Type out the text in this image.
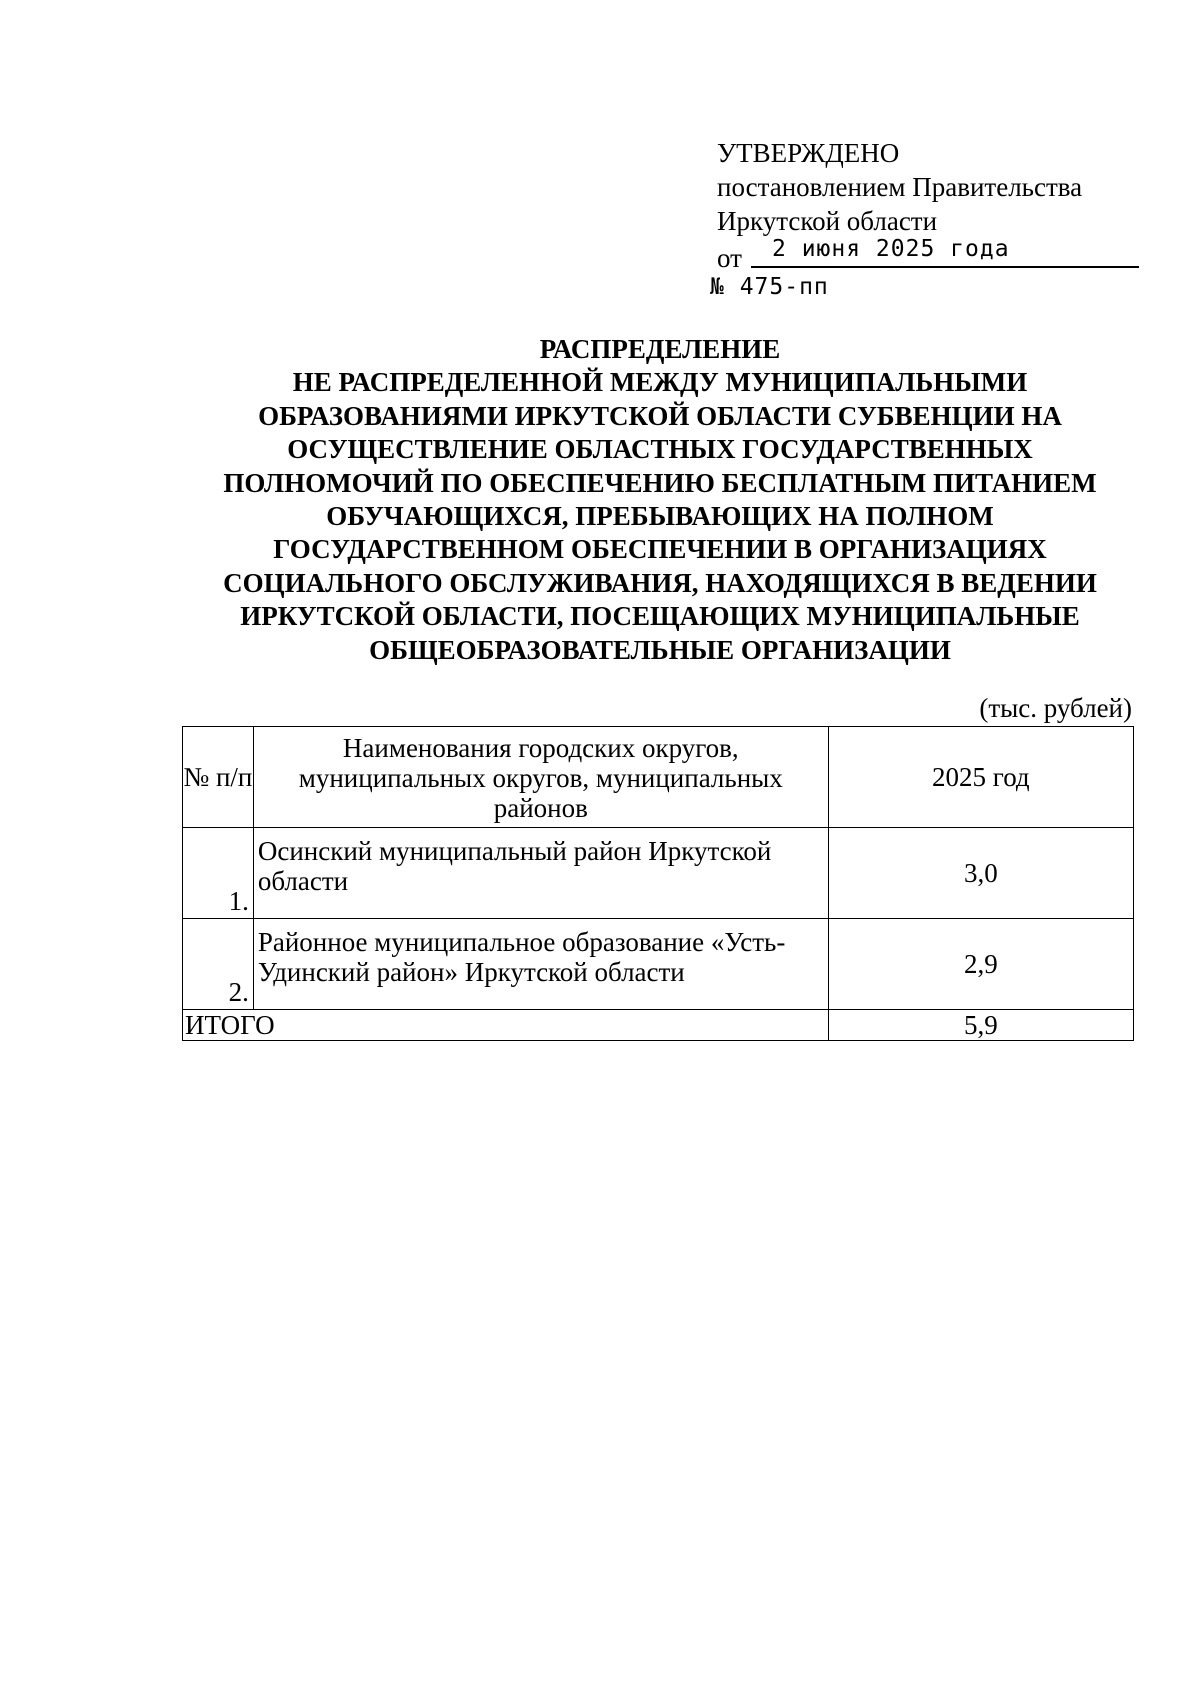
УТВЕРЖДЕНО
постановлением Правительства
Иркутской области
от 2 июня 2025 года
№ 475-пп
РАСПРЕДЕЛЕНИЕ
НЕ РАСПРЕДЕЛЕННОЙ МЕЖДУ МУНИЦИПАЛЬНЫМИ
ОБРАЗОВАНИЯМИ ИРКУТСКОЙ ОБЛАСТИ СУБВЕНЦИИ НА
ОСУЩЕСТВЛЕНИЕ ОБЛАСТНЫХ ГОСУДАРСТВЕННЫХ
ПОЛНОМОЧИЙ ПО ОБЕСПЕЧЕНИЮ БЕСПЛАТНЫМ ПИТАНИЕМ
ОБУЧАЮЩИХСЯ, ПРЕБЫВАЮЩИХ НА ПОЛНОМ
ГОСУДАРСТВЕННОМ ОБЕСПЕЧЕНИИ В ОРГАНИЗАЦИЯХ
СОЦИАЛЬНОГО ОБСЛУЖИВАНИЯ, НАХОДЯЩИХСЯ В ВЕДЕНИИ
ИРКУТСКОЙ ОБЛАСТИ, ПОСЕЩАЮЩИХ МУНИЦИПАЛЬНЫЕ
ОБЩЕОБРАЗОВАТЕЛЬНЫЕ ОРГАНИЗАЦИИ
(тыс. рублей)
№ п/п	Наименования городских округов, муниципальных округов, муниципальных районов	2025 год
1.	Осинский муниципальный район Иркутской области	3,0
2.	Районное муниципальное образование «Усть-Удинский район» Иркутской области	2,9
ИТОГО		5,9
